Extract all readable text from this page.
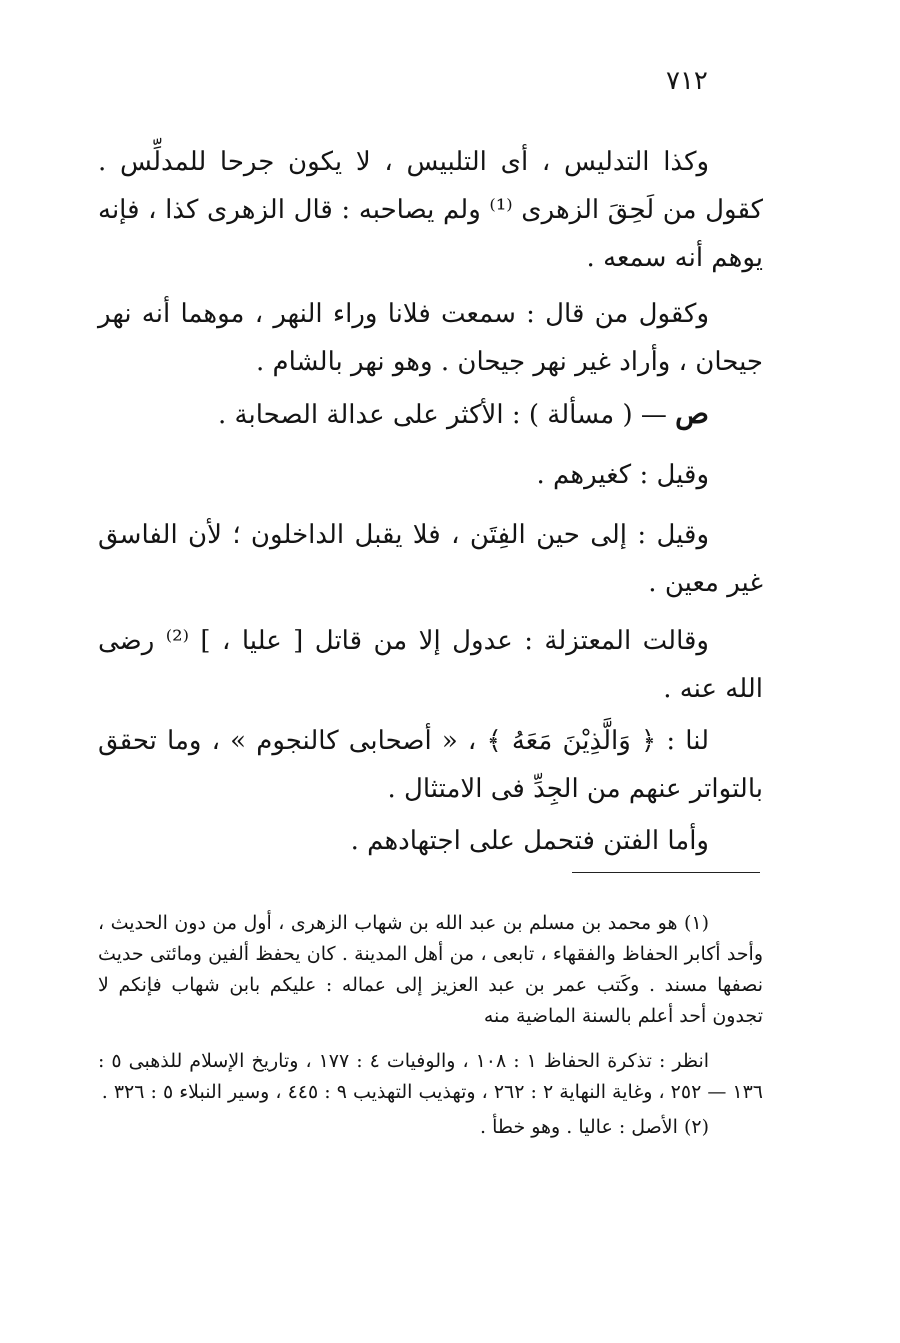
٧١٢

وكذا التدليس ، أى التلبيس ، لا يكون جرحا للمدلِّس . كقول من لَحِقَ الزهرى ⁽¹⁾ ولم يصاحبه : قال الزهرى كذا ، فإنه يوهم أنه سمعه .

وكقول من قال : سمعت فلانا وراء النهر ، موهما أنه نهر جيحان ، وأراد غير نهر جيحان . وهو نهر بالشام .

ص — ( مسألة ) : الأكثر على عدالة الصحابة .

وقيل : كغيرهم .

وقيل : إلى حين الفِتَن ، فلا يقبل الداخلون ؛ لأن الفاسق غير معين .

وقالت المعتزلة : عدول إلا من قاتل [ عليا ، ] ⁽²⁾ رضى الله عنه .

لنا : ﴿ وَالَّذِيْنَ مَعَهُ ﴾ ، « أصحابى كالنجوم » ، وما تحقق بالتواتر عنهم من الجِدِّ فى الامتثال .

وأما الفتن فتحمل على اجتهادهم .

(١) هو محمد بن مسلم بن عبد الله بن شهاب الزهرى ، أول من دون الحديث ، وأحد أكابر الحفاظ والفقهاء ، تابعى ، من أهل المدينة . كان يحفظ ألفين ومائتى حديث نصفها مسند . وكَتب عمر بن عبد العزيز إلى عماله : عليكم بابن شهاب فإنكم لا تجدون أحد أعلم بالسنة الماضية منه

انظر : تذكرة الحفاظ ١ : ١٠٨ ، والوفيات ٤ : ١٧٧ ، وتاريخ الإسلام للذهبى ٥ : ١٣٦ — ٢٥٢ ، وغاية النهاية ٢ : ٢٦٢ ، وتهذيب التهذيب ٩ : ٤٤٥ ، وسير النبلاء ٥ : ٣٢٦ .

(٢) الأصل : عاليا . وهو خطأ .
